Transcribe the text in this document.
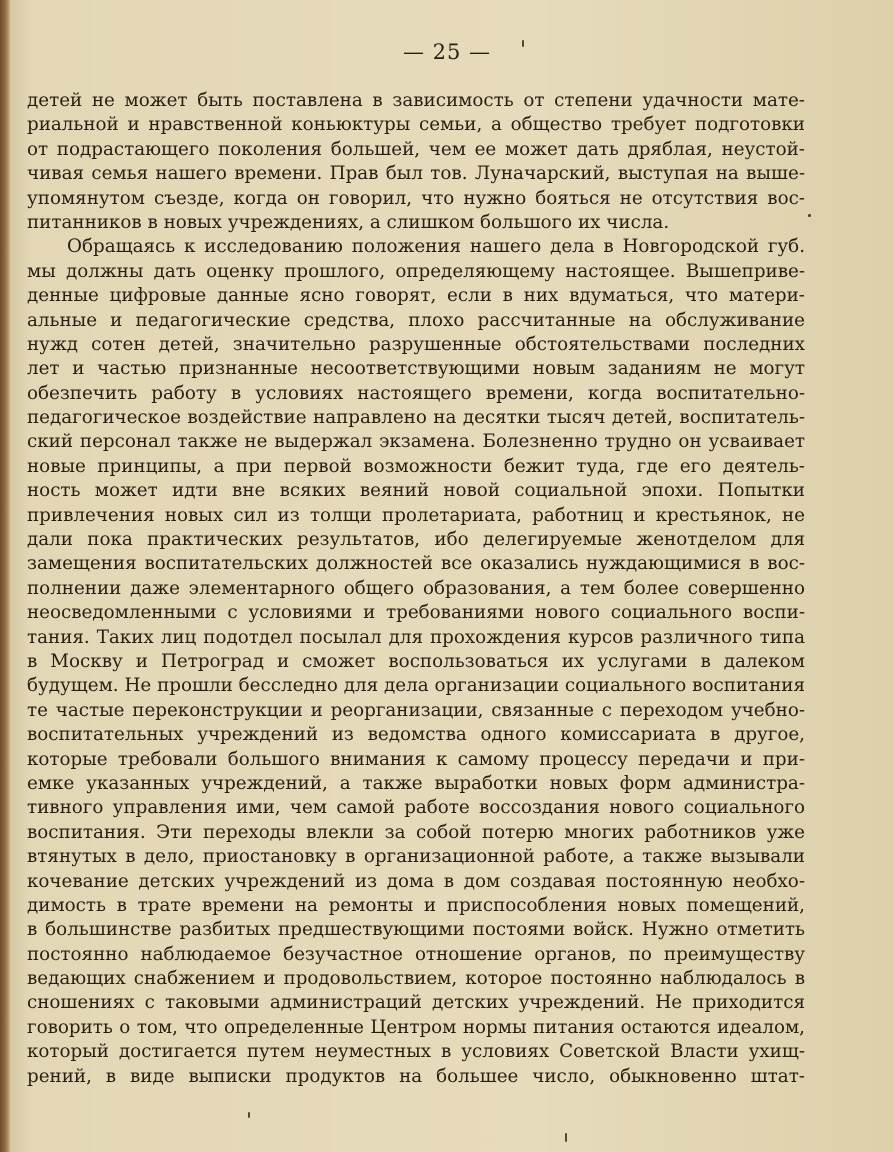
— 25 —
детей не может быть поставлена в зависимость от степени удачности мате-
риальной и нравственной коньюктуры семьи, а общество требует подготовки
от подрастающего поколения большей, чем ее может дать дряблая, неустой-
чивая семья нашего времени. Прав был тов. Луначарский, выступая на выше-
упомянутом съезде, когда он говорил, что нужно бояться не отсутствия вос-
питанников в новых учреждениях, а слишком большого их числа.
Обращаясь к исследованию положения нашего дела в Новгородской губ.
мы должны дать оценку прошлого, определяющему настоящее. Вышеприве-
денные цифровые данные ясно говорят, если в них вдуматься, что матери-
альные и педагогические средства, плохо рассчитанные на обслуживание
нужд сотен детей, значительно разрушенные обстоятельствами последних
лет и частью признанные несоответствующими новым заданиям не могут
обезпечить работу в условиях настоящего времени, когда воспитательно-
педагогическое воздействие направлено на десятки тысяч детей, воспитатель-
ский персонал также не выдержал экзамена. Болезненно трудно он усваивает
новые принципы, а при первой возможности бежит туда, где его деятель-
ность может идти вне всяких веяний новой социальной эпохи. Попытки
привлечения новых сил из толщи пролетариата, работниц и крестьянок, не
дали пока практических результатов, ибо делегируемые женотделом для
замещения воспитательских должностей все оказались нуждающимися в вос-
полнении даже элементарного общего образования, а тем более совершенно
неосведомленными с условиями и требованиями нового социального воспи-
тания. Таких лиц подотдел посылал для прохождения курсов различного типа
в Москву и Петроград и сможет воспользоваться их услугами в далеком
будущем. Не прошли бесследно для дела организации социального воспитания
те частые переконструкции и реорганизации, связанные с переходом учебно-
воспитательных учреждений из ведомства одного комиссариата в другое,
которые требовали большого внимания к самому процессу передачи и при-
емке указанных учреждений, а также выработки новых форм администра-
тивного управления ими, чем самой работе воссоздания нового социального
воспитания. Эти переходы влекли за собой потерю многих работников уже
втянутых в дело, приостановку в организационной работе, а также вызывали
кочевание детских учреждений из дома в дом создавая постоянную необхо-
димость в трате времени на ремонты и приспособления новых помещений,
в большинстве разбитых предшествующими постоями войск. Нужно отметить
постоянно наблюдаемое безучастное отношение органов, по преимуществу
ведающих снабжением и продовольствием, которое постоянно наблюдалось в
сношениях с таковыми администраций детских учреждений. Не приходится
говорить о том, что определенные Центром нормы питания остаются идеалом,
который достигается путем неуместных в условиях Советской Власти ухищ-
рений, в виде выписки продуктов на большее число, обыкновенно штат-
